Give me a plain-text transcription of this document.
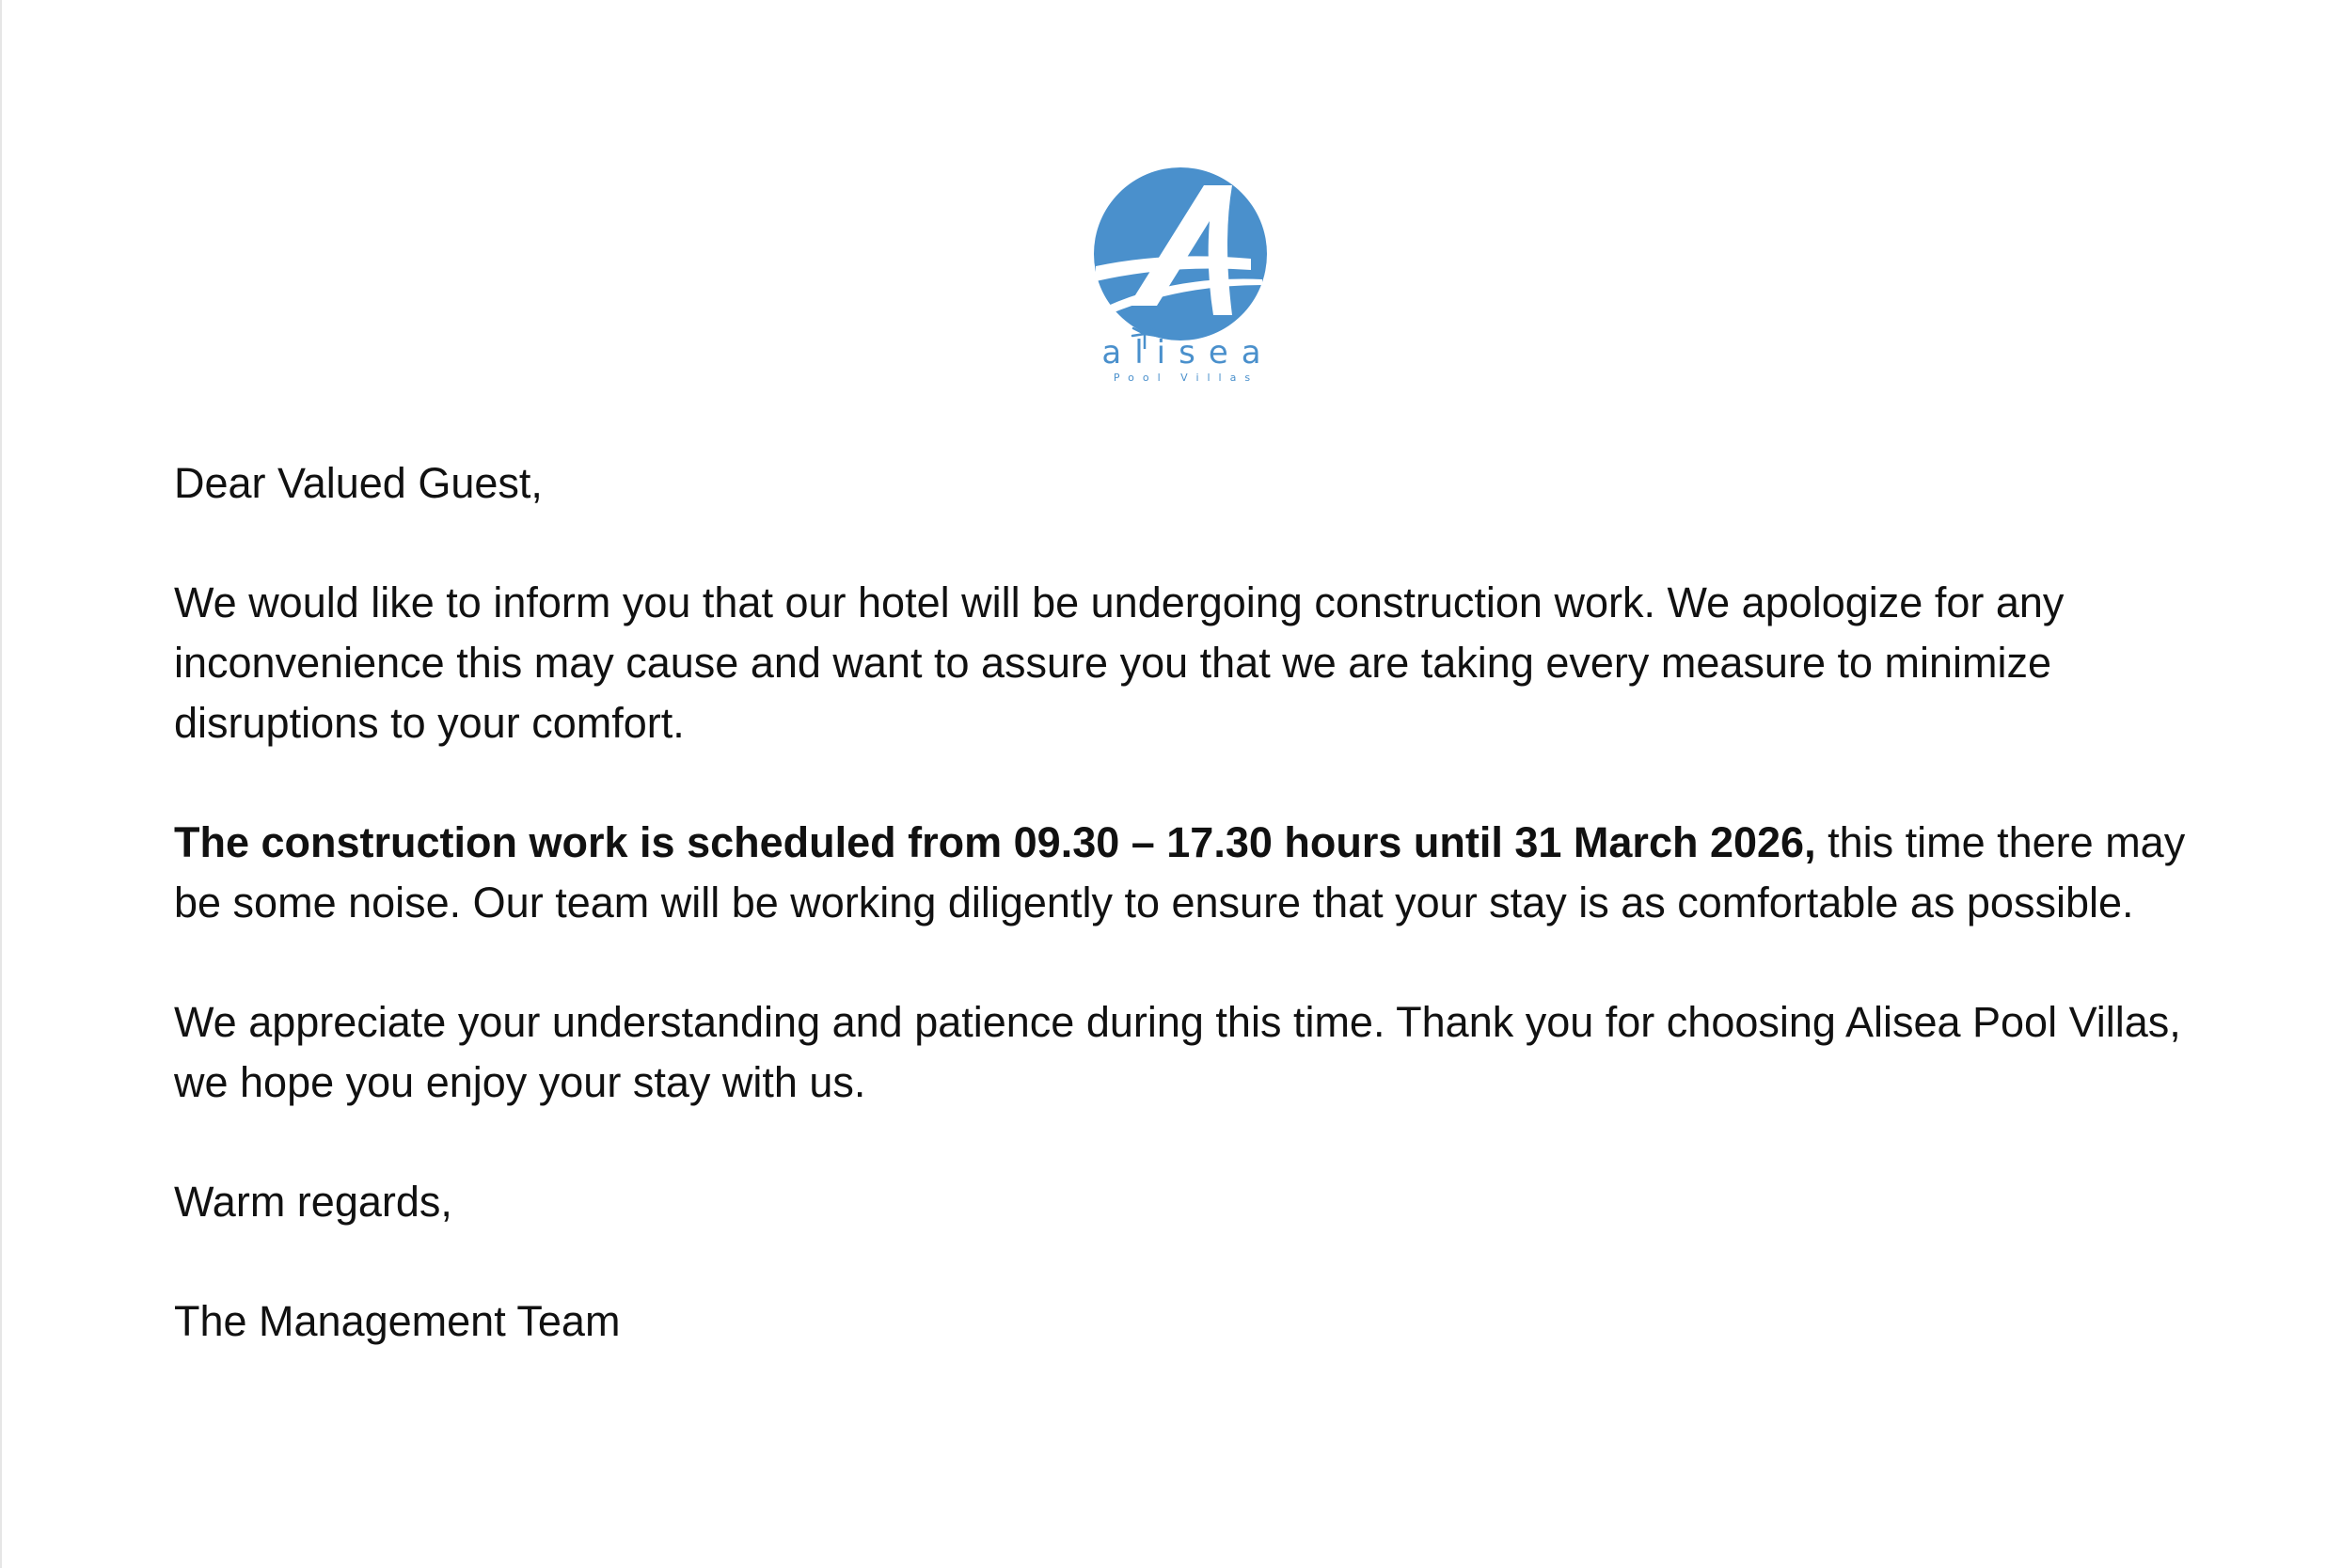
alisea
Pool Villas

Dear Valued Guest,

We would like to inform you that our hotel will be undergoing construction work. We apologize for any inconvenience this may cause and want to assure you that we are taking every measure to minimize disruptions to your comfort.

The construction work is scheduled from 09.30 – 17.30 hours until 31 March 2026, this time there may be some noise. Our team will be working diligently to ensure that your stay is as comfortable as possible.

We appreciate your understanding and patience during this time. Thank you for choosing Alisea Pool Villas, we hope you enjoy your stay with us.

Warm regards,

The Management Team
